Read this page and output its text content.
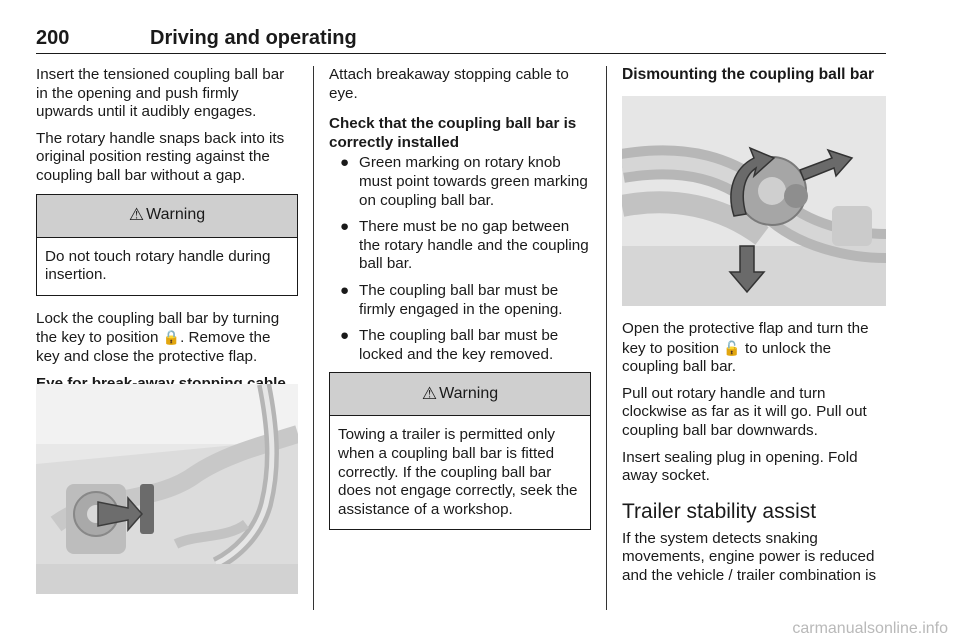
200	Driving and operating

Insert the tensioned coupling ball bar in the opening and push firmly upwards until it audibly engages.

The rotary handle snaps back into its original position resting against the coupling ball bar without a gap.

⚠ Warning
Do not touch rotary handle during insertion.

Lock the coupling ball bar by turning the key to position 🔒. Remove the key and close the protective flap.

Attach breakaway stopping cable to eye.

Check that the coupling ball bar is correctly installed

● Green marking on rotary knob must point towards green marking on coupling ball bar.
● There must be no gap between the rotary handle and the coupling ball bar.
● The coupling ball bar must be firmly engaged in the opening.
● The coupling ball bar must be locked and the key removed.
⚠ Warning
Towing a trailer is permitted only when a coupling ball bar is fitted correctly. If the coupling ball bar does not engage correctly, seek the assistance of a workshop.

Dismounting the coupling ball bar

Open the protective flap and turn the key to position 🔓 to unlock the coupling ball bar.

Pull out rotary handle and turn clockwise as far as it will go. Pull out coupling ball bar downwards.

Insert sealing plug in opening. Fold away socket.

Trailer stability assist

If the system detects snaking movements, engine power is reduced and the vehicle / trailer combination is

carmanualsonline.info
